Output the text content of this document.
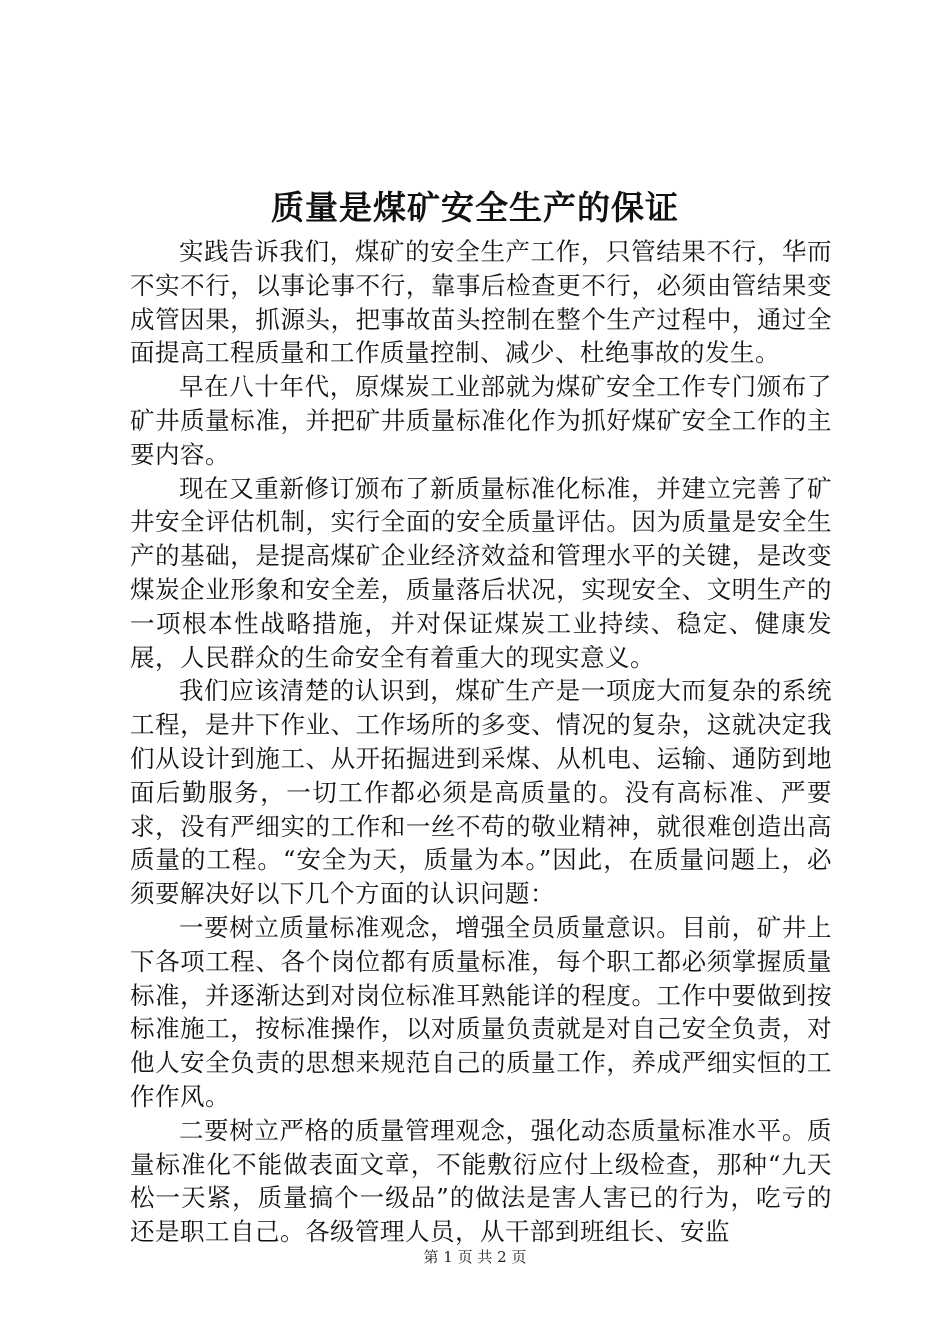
质量是煤矿安全生产的保证

实践告诉我们，煤矿的安全生产工作，只管结果不行，华而不实不行，以事论事不行，靠事后检查更不行，必须由管结果变成管因果，抓源头，把事故苗头控制在整个生产过程中，通过全面提高工程质量和工作质量控制、减少、杜绝事故的发生。

早在八十年代，原煤炭工业部就为煤矿安全工作专门颁布了矿井质量标准，并把矿井质量标准化作为抓好煤矿安全工作的主要内容。

现在又重新修订颁布了新质量标准化标准，并建立完善了矿井安全评估机制，实行全面的安全质量评估。因为质量是安全生产的基础，是提高煤矿企业经济效益和管理水平的关键，是改变煤炭企业形象和安全差，质量落后状况，实现安全、文明生产的一项根本性战略措施，并对保证煤炭工业持续、稳定、健康发展，人民群众的生命安全有着重大的现实意义。

我们应该清楚的认识到，煤矿生产是一项庞大而复杂的系统工程，是井下作业、工作场所的多变、情况的复杂，这就决定我们从设计到施工、从开拓掘进到采煤、从机电、运输、通防到地面后勤服务，一切工作都必须是高质量的。没有高标准、严要求，没有严细实的工作和一丝不苟的敬业精神，就很难创造出高质量的工程。“安全为天，质量为本。”因此，在质量问题上，必须要解决好以下几个方面的认识问题：

一要树立质量标准观念，增强全员质量意识。目前，矿井上下各项工程、各个岗位都有质量标准，每个职工都必须掌握质量标准，并逐渐达到对岗位标准耳熟能详的程度。工作中要做到按标准施工，按标准操作，以对质量负责就是对自己安全负责，对他人安全负责的思想来规范自己的质量工作，养成严细实恒的工作作风。

二要树立严格的质量管理观念，强化动态质量标准水平。质量标准化不能做表面文章，不能敷衍应付上级检查，那种“九天松一天紧，质量搞个一级品”的做法是害人害已的行为，吃亏的还是职工自己。各级管理人员，从干部到班组长、安监

第 1 页 共 2 页
